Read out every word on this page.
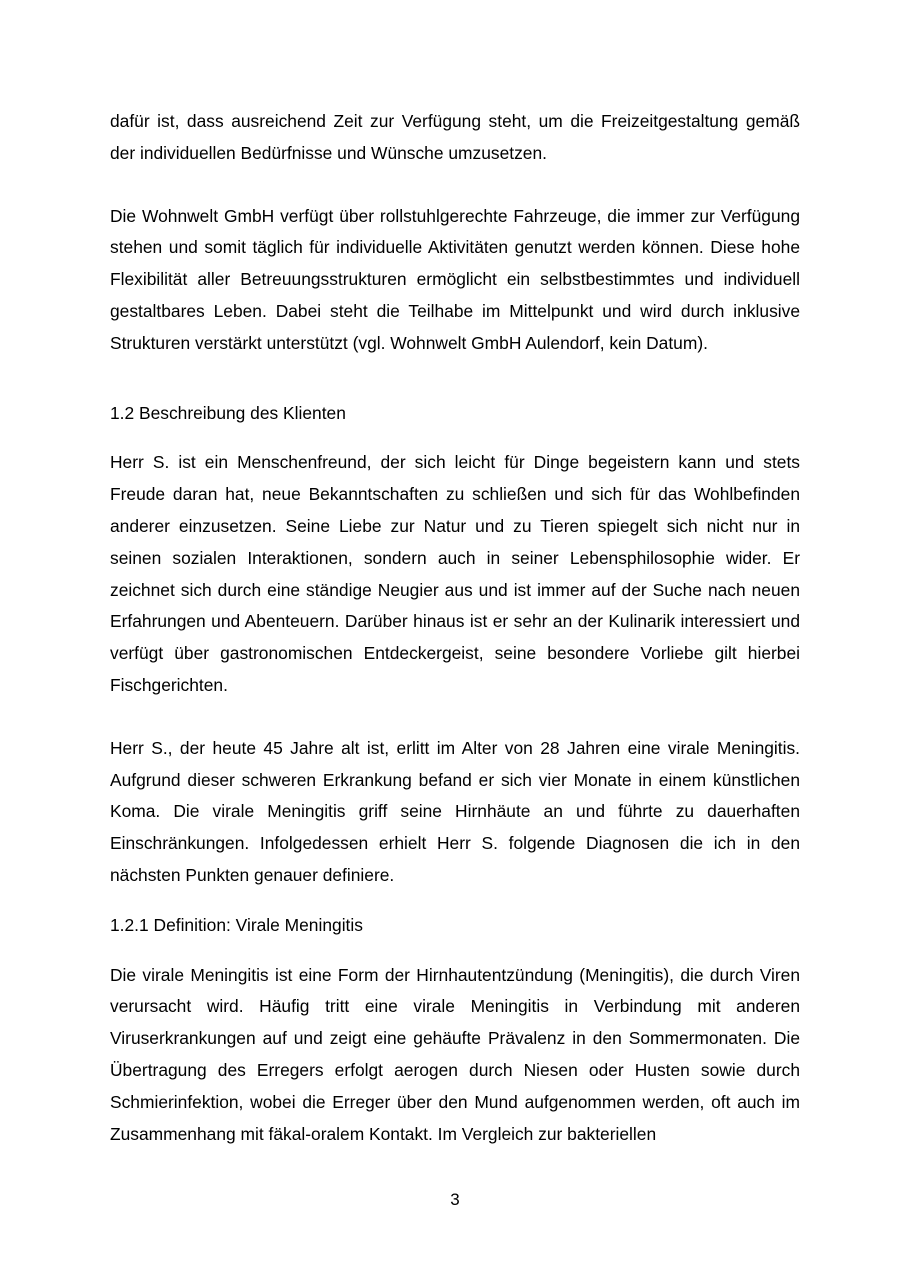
dafür ist, dass ausreichend Zeit zur Verfügung steht, um die Freizeitgestaltung gemäß der individuellen Bedürfnisse und Wünsche umzusetzen.

Die Wohnwelt GmbH verfügt über rollstuhlgerechte Fahrzeuge, die immer zur Verfügung stehen und somit täglich für individuelle Aktivitäten genutzt werden können. Diese hohe Flexibilität aller Betreuungsstrukturen ermöglicht ein selbstbestimmtes und individuell gestaltbares Leben. Dabei steht die Teilhabe im Mittelpunkt und wird durch inklusive Strukturen verstärkt unterstützt (vgl. Wohnwelt GmbH Aulendorf, kein Datum).

1.2 Beschreibung des Klienten

Herr S. ist ein Menschenfreund, der sich leicht für Dinge begeistern kann und stets Freude daran hat, neue Bekanntschaften zu schließen und sich für das Wohlbefinden anderer einzusetzen. Seine Liebe zur Natur und zu Tieren spiegelt sich nicht nur in seinen sozialen Interaktionen, sondern auch in seiner Lebensphilosophie wider. Er zeichnet sich durch eine ständige Neugier aus und ist immer auf der Suche nach neuen Erfahrungen und Abenteuern. Darüber hinaus ist er sehr an der Kulinarik interessiert und verfügt über gastronomischen Entdeckergeist, seine besondere Vorliebe gilt hierbei Fischgerichten.

Herr S., der heute 45 Jahre alt ist, erlitt im Alter von 28 Jahren eine virale Meningitis. Aufgrund dieser schweren Erkrankung befand er sich vier Monate in einem künstlichen Koma. Die virale Meningitis griff seine Hirnhäute an und führte zu dauerhaften Einschränkungen. Infolgedessen erhielt Herr S. folgende Diagnosen die ich in den nächsten Punkten genauer definiere.

1.2.1 Definition: Virale Meningitis

Die virale Meningitis ist eine Form der Hirnhautentzündung (Meningitis), die durch Viren verursacht wird. Häufig tritt eine virale Meningitis in Verbindung mit anderen Viruserkrankungen auf und zeigt eine gehäufte Prävalenz in den Sommermonaten. Die Übertragung des Erregers erfolgt aerogen durch Niesen oder Husten sowie durch Schmierinfektion, wobei die Erreger über den Mund aufgenommen werden, oft auch im Zusammenhang mit fäkal-oralem Kontakt. Im Vergleich zur bakteriellen

3
